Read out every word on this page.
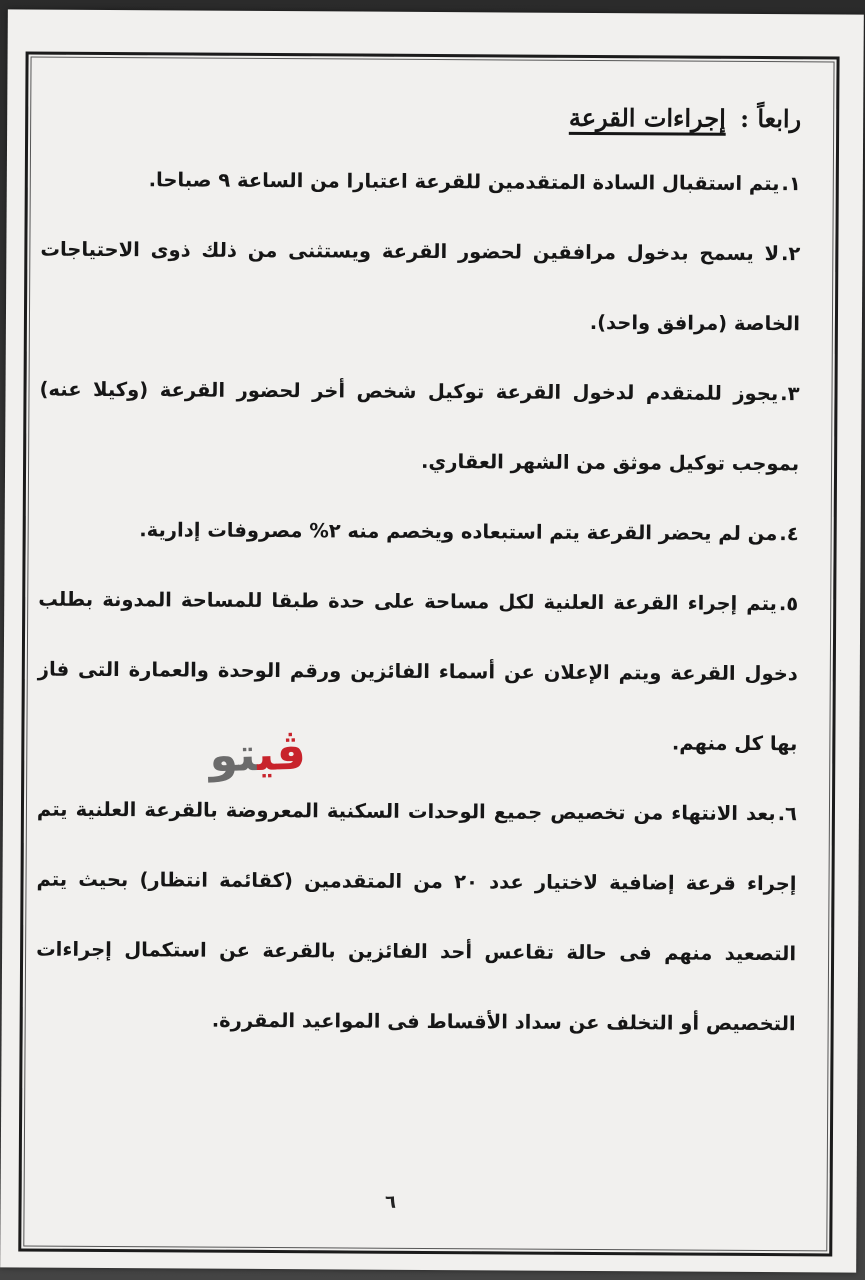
رابعاً : إجراءات القرعة

١.يتم استقبال السادة المتقدمين للقرعة اعتبارا من الساعة ٩ صباحا.

٢.لا يسمح بدخول مرافقين لحضور القرعة ويستثنى من ذلك ذوى الاحتياجات الخاصة (مرافق واحد).

٣.يجوز للمتقدم لدخول القرعة توكيل شخص أخر لحضور القرعة (وكيلا عنه) بموجب توكيل موثق من الشهر العقاري.

٤.من لم يحضر القرعة يتم استبعاده ويخصم منه ٢% مصروفات إدارية.

٥.يتم إجراء القرعة العلنية لكل مساحة على حدة طبقا للمساحة المدونة بطلب دخول القرعة ويتم الإعلان عن أسماء الفائزين ورقم الوحدة والعمارة التى فاز بها كل منهم.

٦.بعد الانتهاء من تخصيص جميع الوحدات السكنية المعروضة بالقرعة العلنية يتم إجراء قرعة إضافية لاختيار عدد ٢٠ من المتقدمين (كقائمة انتظار) بحيث يتم التصعيد منهم فى حالة تقاعس أحد الفائزين بالقرعة عن استكمال إجراءات التخصيص أو التخلف عن سداد الأقساط فى المواعيد المقررة.

ڤيتو
٦
